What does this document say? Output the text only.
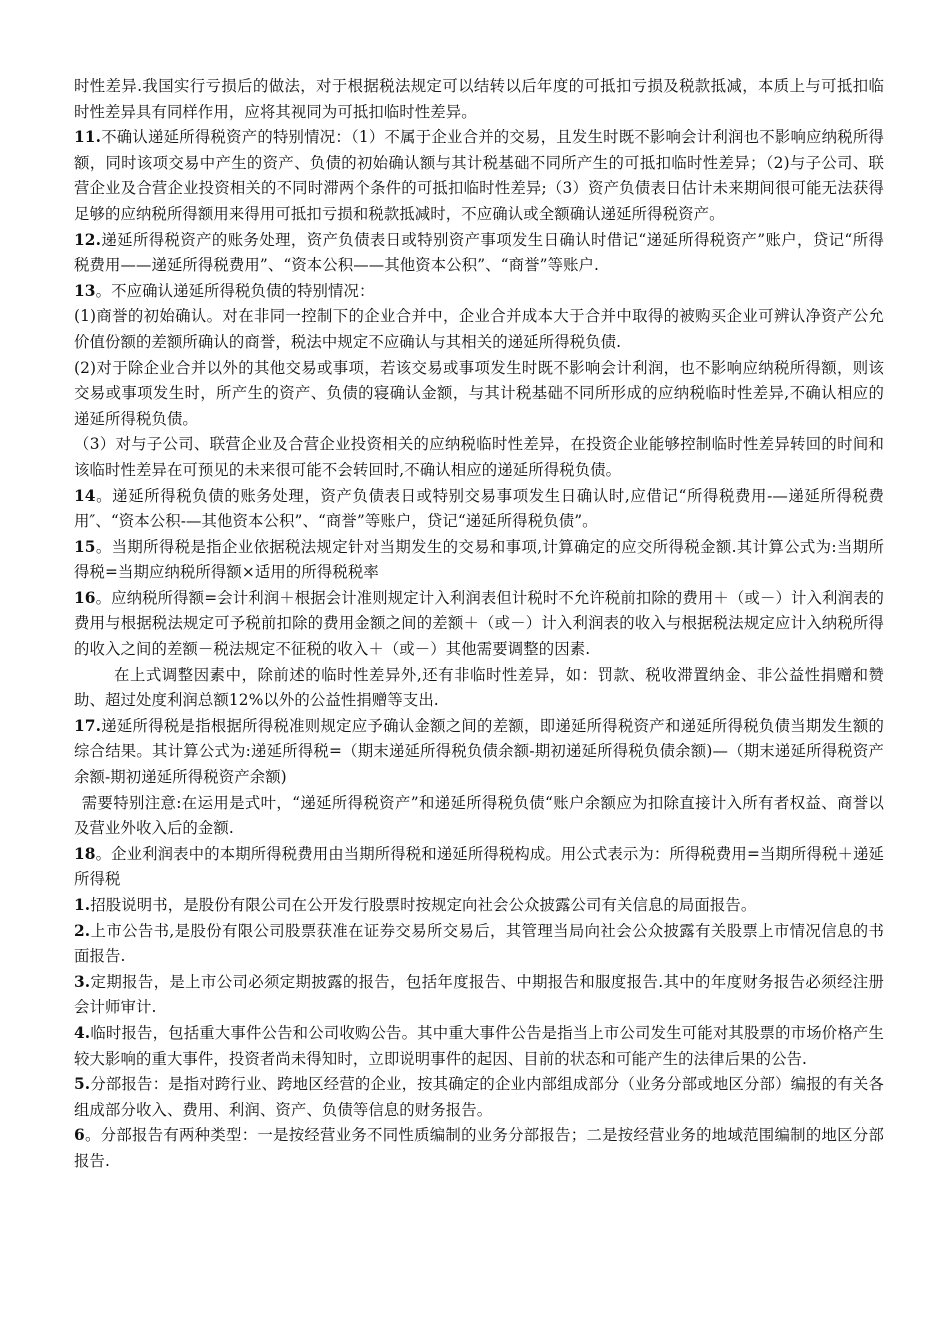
时性差异.我国实行亏损后的做法，对于根据税法规定可以结转以后年度的可抵扣亏损及税款抵减，本质上与可抵扣临时性差异具有同样作用，应将其视同为可抵扣临时性差异。

11.不确认递延所得税资产的特别情况：（1）不属于企业合并的交易，且发生时既不影响会计利润也不影响应纳税所得额，同时该项交易中产生的资产、负债的初始确认额与其计税基础不同所产生的可抵扣临时性差异；（2)与子公司、联营企业及合营企业投资相关的不同时滞两个条件的可抵扣临时性差异;（3）资产负债表日估计未来期间很可能无法获得足够的应纳税所得额用来得用可抵扣亏损和税款抵减时，不应确认或全额确认递延所得税资产。

12.递延所得税资产的账务处理，资产负债表日或特别资产事项发生日确认时借记“递延所得税资产”账户，贷记“所得税费用——递延所得税费用”、“资本公积——其他资本公积”、“商誉”等账户.

13。不应确认递延所得税负债的特别情况：

(1)商誉的初始确认。对在非同一控制下的企业合并中，企业合并成本大于合并中取得的被购买企业可辨认净资产公允价值份额的差额所确认的商誉，税法中规定不应确认与其相关的递延所得税负债.

(2)对于除企业合并以外的其他交易或事项，若该交易或事项发生时既不影响会计利润，也不影响应纳税所得额，则该交易或事项发生时，所产生的资产、负债的寝确认金额，与其计税基础不同所形成的应纳税临时性差异,不确认相应的递延所得税负债。

（3）对与子公司、联营企业及合营企业投资相关的应纳税临时性差异，在投资企业能够控制临时性差异转回的时间和该临时性差异在可预见的未来很可能不会转回时,不确认相应的递延所得税负债。

14。递延所得税负债的账务处理，资产负债表日或特别交易事项发生日确认时,应借记“所得税费用-—递延所得税费用″、“资本公积-—其他资本公积”、“商誉”等账户，贷记“递延所得税负债”。

15。当期所得税是指企业依据税法规定针对当期发生的交易和事项,计算确定的应交所得税金额.其计算公式为:当期所得税=当期应纳税所得额×适用的所得税税率

16。应纳税所得额=会计利润＋根据会计准则规定计入利润表但计税时不允许税前扣除的费用＋（或－）计入利润表的费用与根据税法规定可予税前扣除的费用金额之间的差额＋（或－）计入利润表的收入与根据税法规定应计入纳税所得的收入之间的差额－税法规定不征税的收入＋（或－）其他需要调整的因素.

在上式调整因素中，除前述的临时性差异外,还有非临时性差异，如：罚款、税收滞置纳金、非公益性捐赠和赞助、超过处度利润总额12%以外的公益性捐赠等支出.

17.递延所得税是指根据所得税准则规定应予确认金额之间的差额，即递延所得税资产和递延所得税负债当期发生额的综合结果。其计算公式为:递延所得税=（期末递延所得税负债余额-期初递延所得税负债余额)—（期末递延所得税资产余额-期初递延所得税资产余额)

需要特别注意:在运用是式叶，“递延所得税资产”和递延所得税负债“账户余额应为扣除直接计入所有者权益、商誉以及营业外收入后的金额.

18。企业利润表中的本期所得税费用由当期所得税和递延所得税构成。用公式表示为：所得税费用=当期所得税＋递延所得税

1.招股说明书，是股份有限公司在公开发行股票时按规定向社会公众披露公司有关信息的局面报告。

2.上市公告书,是股份有限公司股票获准在证券交易所交易后，其管理当局向社会公众披露有关股票上市情况信息的书面报告.

3.定期报告，是上市公司必须定期披露的报告，包括年度报告、中期报告和服度报告.其中的年度财务报告必须经注册会计师审计.

4.临时报告，包括重大事件公告和公司收购公告。其中重大事件公告是指当上市公司发生可能对其股票的市场价格产生较大影响的重大事件，投资者尚未得知时，立即说明事件的起因、目前的状态和可能产生的法律后果的公告.

5.分部报告：是指对跨行业、跨地区经营的企业，按其确定的企业内部组成部分（业务分部或地区分部）编报的有关各组成部分收入、费用、利润、资产、负债等信息的财务报告。

6。分部报告有两种类型：一是按经营业务不同性质编制的业务分部报告；二是按经营业务的地域范围编制的地区分部报告.
